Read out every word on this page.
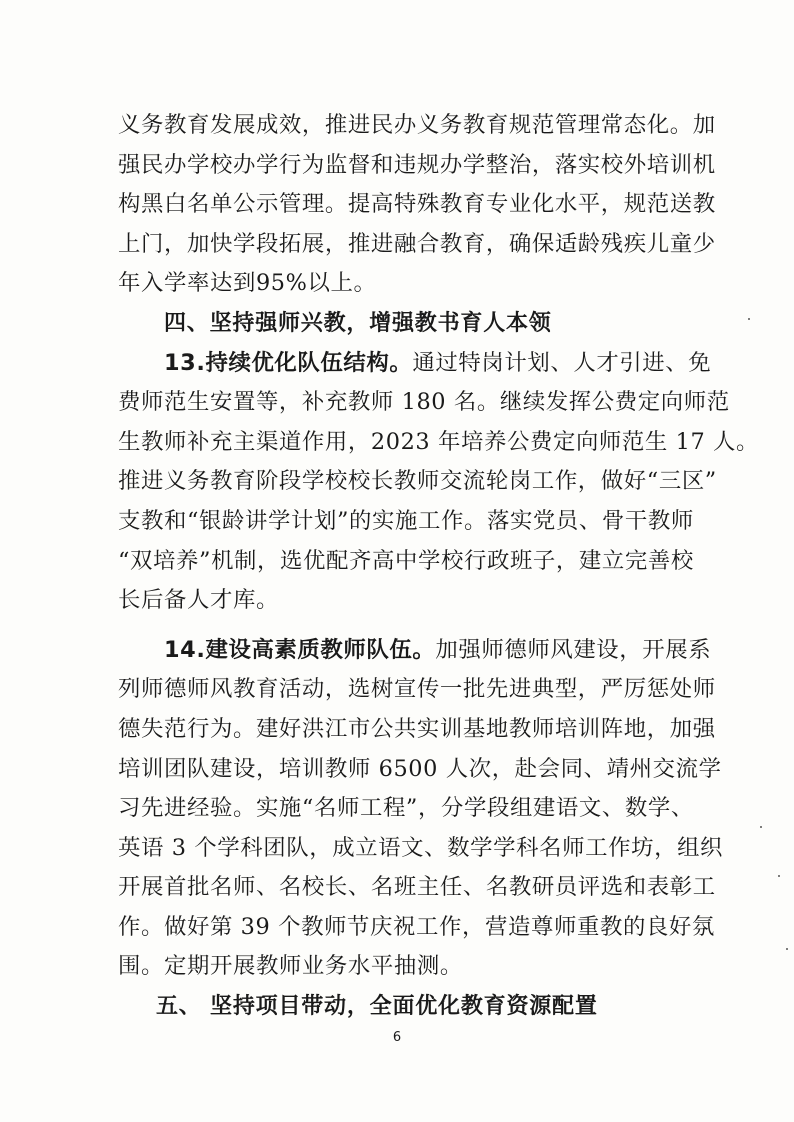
义务教育发展成效，推进民办义务教育规范管理常态化。加
强民办学校办学行为监督和违规办学整治，落实校外培训机
构黑白名单公示管理。提高特殊教育专业化水平，规范送教
上门，加快学段拓展，推进融合教育，确保适龄残疾儿童少
年入学率达到95%以上。
四、坚持强师兴教，增强教书育人本领
13.持续优化队伍结构。通过特岗计划、人才引进、免
费师范生安置等，补充教师 180 名。继续发挥公费定向师范
生教师补充主渠道作用，2023 年培养公费定向师范生 17 人。
推进义务教育阶段学校校长教师交流轮岗工作，做好“三区”
支教和“银龄讲学计划”的实施工作。落实党员、骨干教师
“双培养”机制，选优配齐高中学校行政班子，建立完善校
长后备人才库。
14.建设高素质教师队伍。加强师德师风建设，开展系
列师德师风教育活动，选树宣传一批先进典型，严厉惩处师
德失范行为。建好洪江市公共实训基地教师培训阵地，加强
培训团队建设，培训教师 6500 人次，赴会同、靖州交流学
习先进经验。实施“名师工程”，分学段组建语文、数学、
英语 3 个学科团队，成立语文、数学学科名师工作坊，组织
开展首批名师、名校长、名班主任、名教研员评选和表彰工
作。做好第 39 个教师节庆祝工作，营造尊师重教的良好氛
围。定期开展教师业务水平抽测。
五、 坚持项目带动，全面优化教育资源配置
6
